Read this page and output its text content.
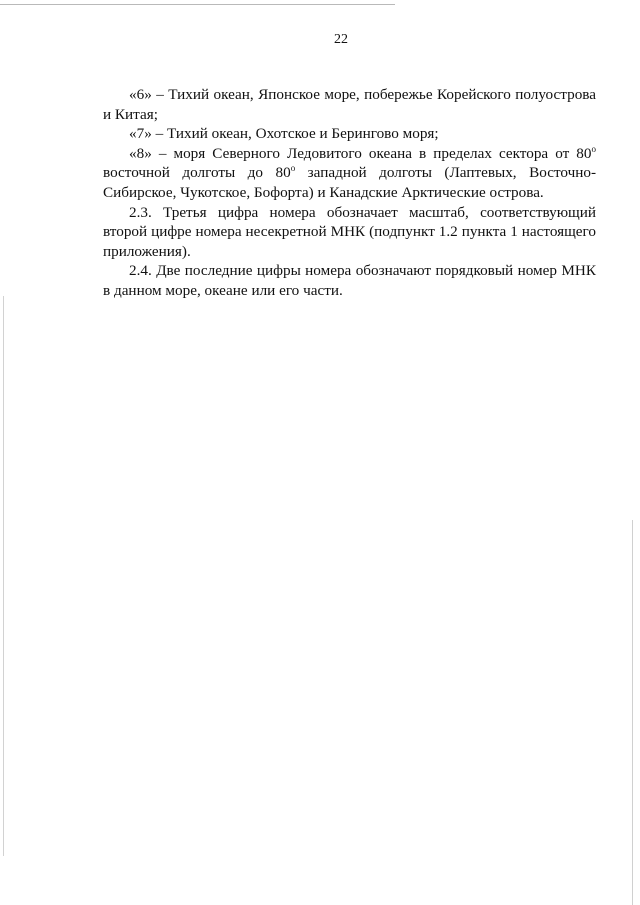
22

«6» – Тихий океан, Японское море, побережье Корейского полуострова и Китая;

«7» – Тихий океан, Охотское и Берингово моря;

«8» – моря Северного Ледовитого океана в пределах сектора от $80^о$ восточной долготы до $80^о$ западной долготы (Лаптевых, Восточно-Сибирское, Чукотское, Бофорта) и Канадские Арктические острова.

2.3. Третья цифра номера обозначает масштаб, соответствующий второй цифре номера несекретной МНК (подпункт 1.2 пункта 1 настоящего приложения).

2.4. Две последние цифры номера обозначают порядковый номер МНК в данном море, океане или его части.
